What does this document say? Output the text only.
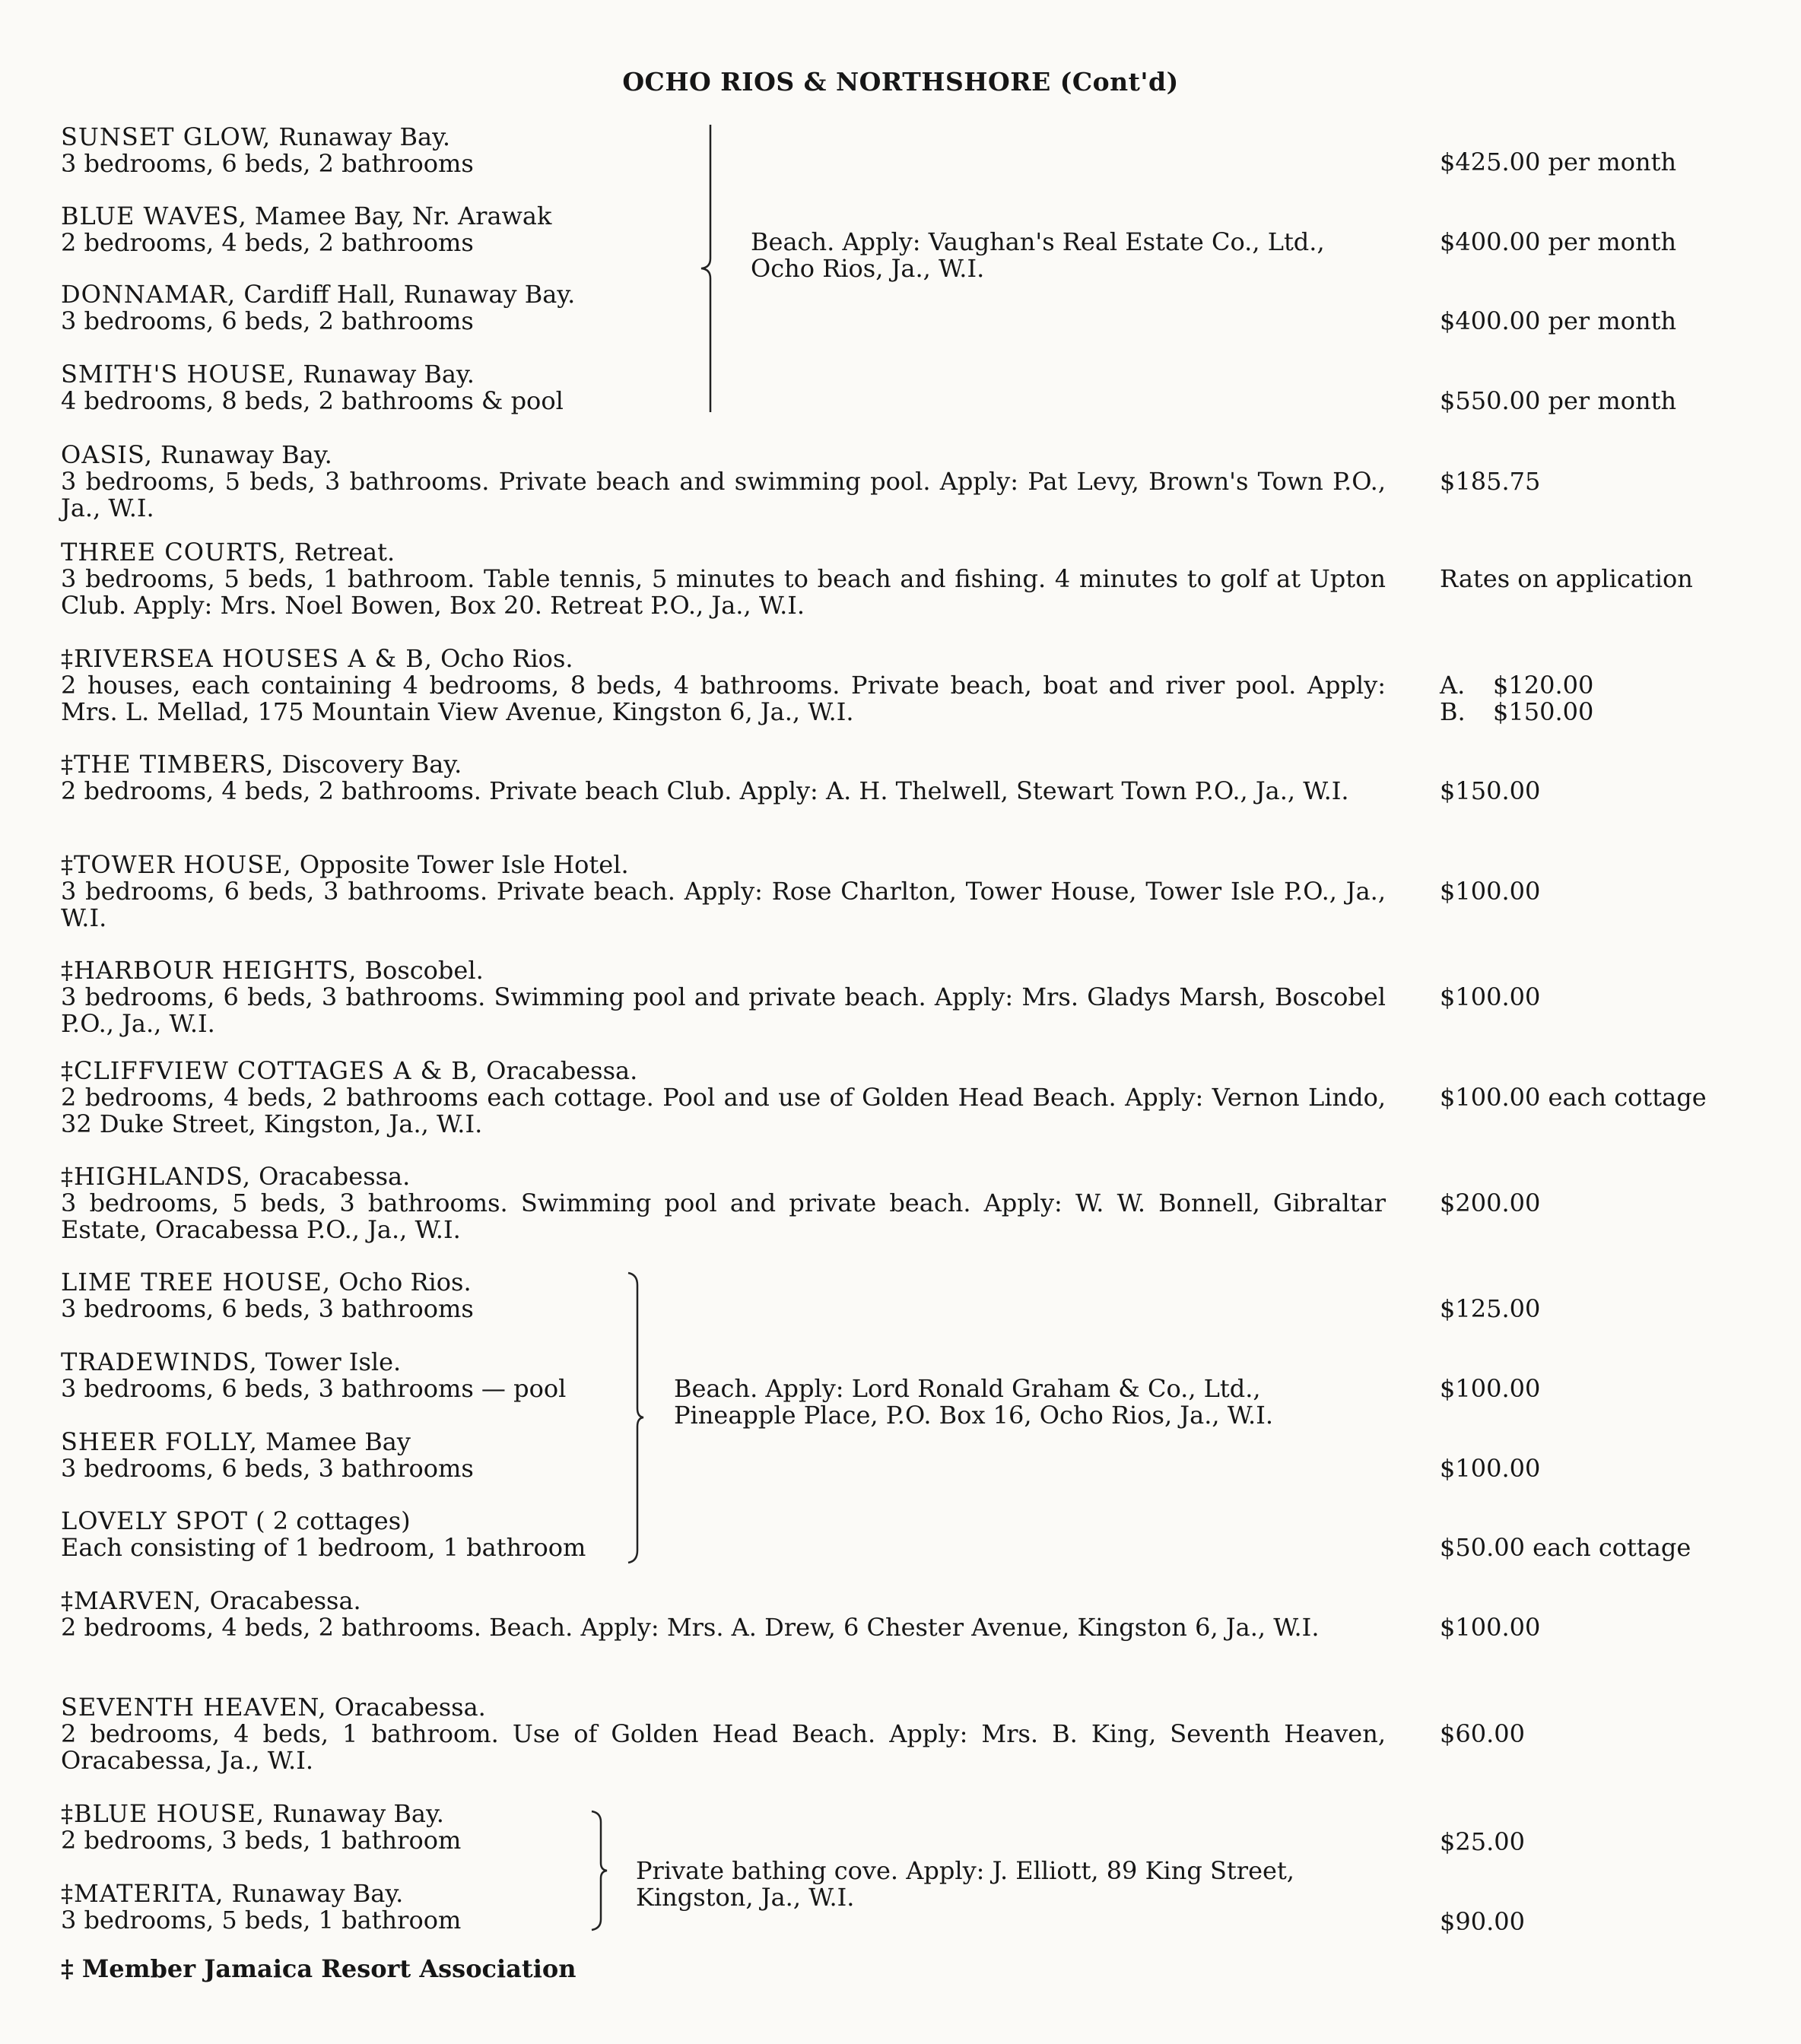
OCHO RIOS & NORTHSHORE (Cont'd)
SUNSET GLOW, Runaway Bay.
3 bedrooms, 6 beds, 2 bathrooms	$425.00 per month
BLUE WAVES, Mamee Bay, Nr. Arawak
2 bedrooms, 4 beds, 2 bathrooms	$400.00 per month
DONNAMAR, Cardiff Hall, Runaway Bay.
3 bedrooms, 6 beds, 2 bathrooms	$400.00 per month
SMITH'S HOUSE, Runaway Bay.
4 bedrooms, 8 beds, 2 bathrooms & pool	$550.00 per month
Beach. Apply: Vaughan's Real Estate Co., Ltd.,
Ocho Rios, Ja., W.I.
OASIS, Runaway Bay.
3 bedrooms, 5 beds, 3 bathrooms. Private beach and swimming pool. Apply: Pat Levy, Brown's Town P.O., Ja., W.I.
$185.75
THREE COURTS, Retreat.
3 bedrooms, 5 beds, 1 bathroom. Table tennis, 5 minutes to beach and fishing. 4 minutes to golf at Upton Club. Apply: Mrs. Noel Bowen, Box 20. Retreat P.O., Ja., W.I.
Rates on application
‡RIVERSEA HOUSES A & B, Ocho Rios.
2 houses, each containing 4 bedrooms, 8 beds, 4 bathrooms. Private beach, boat and river pool. Apply: Mrs. L. Mellad, 175 Mountain View Avenue, Kingston 6, Ja., W.I.
A. $120.00
B. $150.00
‡THE TIMBERS, Discovery Bay.
2 bedrooms, 4 beds, 2 bathrooms. Private beach Club. Apply: A. H. Thelwell, Stewart Town P.O., Ja., W.I.	$150.00
‡TOWER HOUSE, Opposite Tower Isle Hotel.
3 bedrooms, 6 beds, 3 bathrooms. Private beach. Apply: Rose Charlton, Tower House, Tower Isle P.O., Ja., W.I.
$100.00
‡HARBOUR HEIGHTS, Boscobel.
3 bedrooms, 6 beds, 3 bathrooms. Swimming pool and private beach. Apply: Mrs. Gladys Marsh, Boscobel P.O., Ja., W.I.
$100.00
‡CLIFFVIEW COTTAGES A & B, Oracabessa.
2 bedrooms, 4 beds, 2 bathrooms each cottage. Pool and use of Golden Head Beach. Apply: Vernon Lindo, 32 Duke Street, Kingston, Ja., W.I.
$100.00 each cottage
‡HIGHLANDS, Oracabessa.
3 bedrooms, 5 beds, 3 bathrooms. Swimming pool and private beach. Apply: W. W. Bonnell, Gibraltar Estate, Oracabessa P.O., Ja., W.I.
$200.00
LIME TREE HOUSE, Ocho Rios.
3 bedrooms, 6 beds, 3 bathrooms	$125.00
TRADEWINDS, Tower Isle.
3 bedrooms, 6 beds, 3 bathrooms — pool	$100.00
SHEER FOLLY, Mamee Bay
3 bedrooms, 6 beds, 3 bathrooms	$100.00
LOVELY SPOT ( 2 cottages)
Each consisting of 1 bedroom, 1 bathroom	$50.00 each cottage
Beach. Apply: Lord Ronald Graham & Co., Ltd.,
Pineapple Place, P.O. Box 16, Ocho Rios, Ja., W.I.
‡MARVEN, Oracabessa.
2 bedrooms, 4 beds, 2 bathrooms. Beach. Apply: Mrs. A. Drew, 6 Chester Avenue, Kingston 6, Ja., W.I.	$100.00
SEVENTH HEAVEN, Oracabessa.
2 bedrooms, 4 beds, 1 bathroom. Use of Golden Head Beach. Apply: Mrs. B. King, Seventh Heaven, Oracabessa, Ja., W.I.
$60.00
‡BLUE HOUSE, Runaway Bay.
2 bedrooms, 3 beds, 1 bathroom	$25.00
‡MATERITA, Runaway Bay.
3 bedrooms, 5 beds, 1 bathroom	$90.00
Private bathing cove. Apply: J. Elliott, 89 King Street,
Kingston, Ja., W.I.
‡ Member Jamaica Resort Association
